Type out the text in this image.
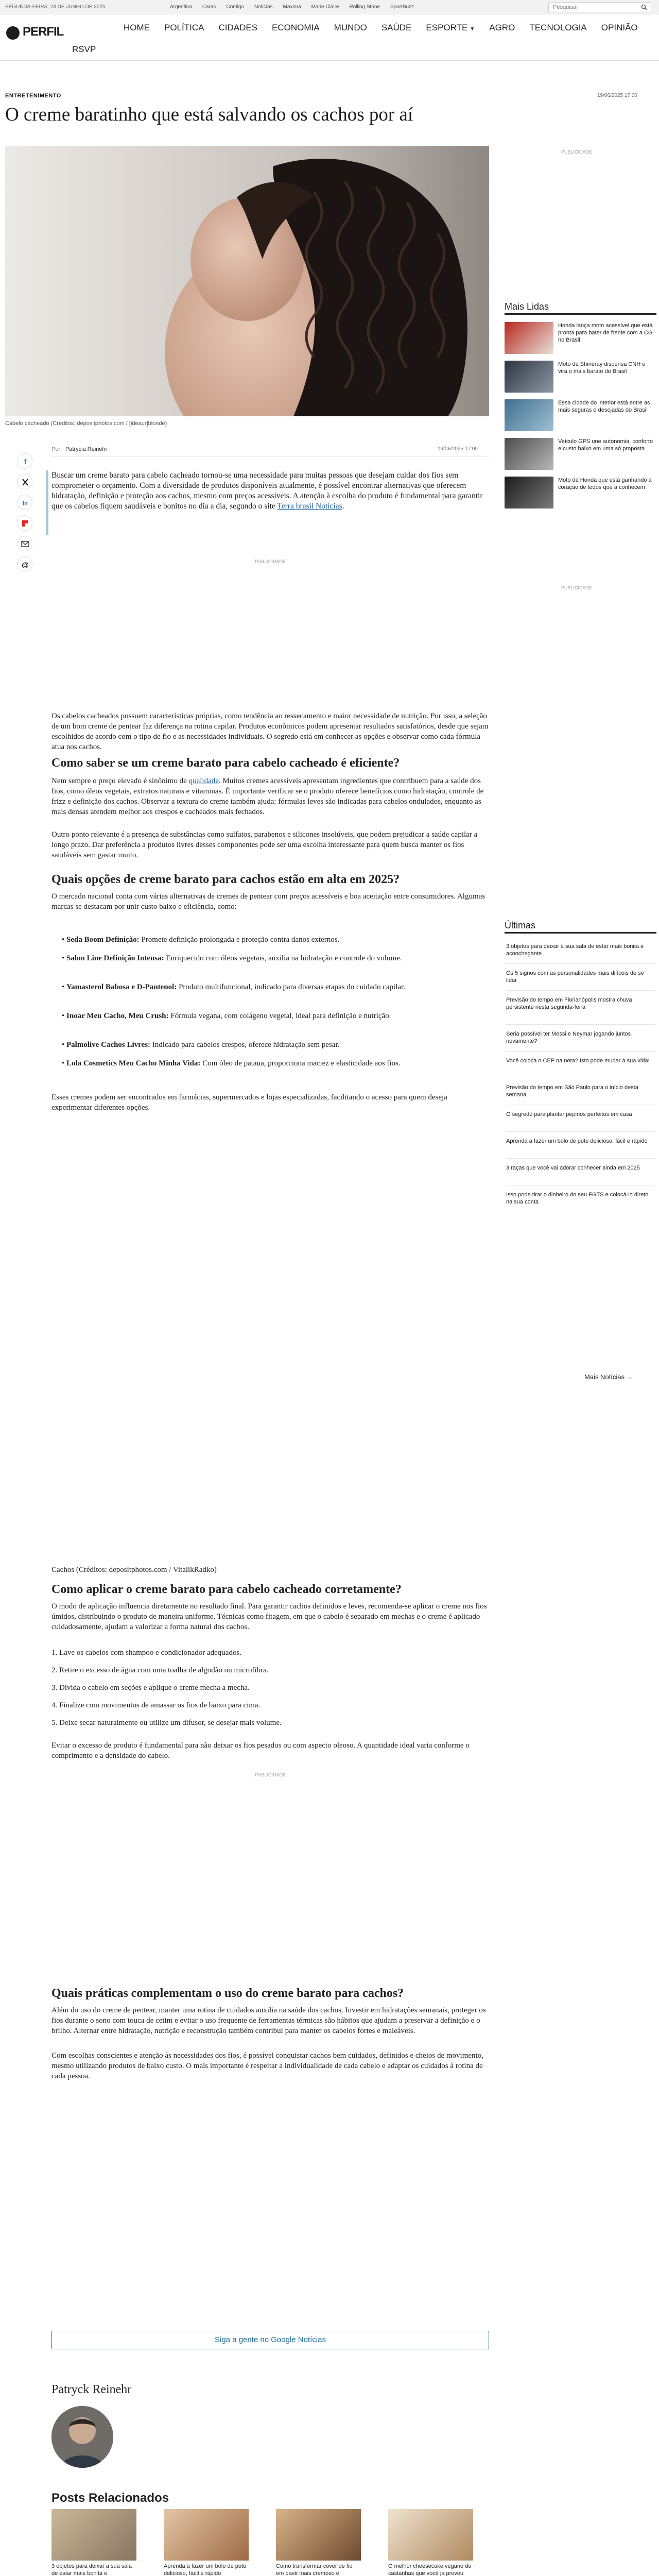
SEGUNDA-FEIRA, 23 DE JUNHO DE 2025	Argentina Caras Contigo Noticias Maxima Marie Claire Rolling Stone SportBuzz
Pesquisar
PERFIL	HOME POLÍTICA CIDADES ECONOMIA MUNDO SAÚDE ESPORTE ▼ AGRO TECNOLOGIA OPINIÃO
RSVP
ENTRETENIMENTO	19/06/2025 17:00
O creme baratinho que está salvando os cachos por aí
Cabelo cacheado (Créditos: depositphotos.com / [ideaur]blonde)
PUBLICIDADE
Mais Lidas
Honda lança moto acessível que está pronta para bater de frente com a CG no Brasil
Moto da Shineray dispensa CNH e vira o mais barato do Brasil
Essa cidade do interior está entre as mais seguras e desejadas do Brasil
Veículo GPS une autonomia, conforto e custo baixo em uma só proposta
Moto da Honda que está ganhando a coração de todos que a conhecem
PUBLICIDADE
Últimas
3 objetos para deixar a sua sala de estar mais bonita e aconchegante
Os 5 signos com as personalidades mais difíceis de se lidar
Previsão do tempo em Florianópolis mostra chuva persistente nesta segunda-feira
Seria possível ter Messi e Neymar jogando juntos novamente?
Você coloca o CEP na nota? Isto pode mudar a sua vida!
Previsão do tempo em São Paulo para o início desta semana
O segredo para plantar pepinos perfeitos em casa
Aprenda a fazer um bolo de pote delicioso, fácil e rápido
3 raças que você vai adorar conhecer ainda em 2025
Isso pode tirar o dinheiro do seu FGTS e colocá-lo direto na sua conta
Mais Notícias →
Por Patrycia Reinehr	19/06/2025 17:00
f
in
@

Buscar um creme barato para cabelo cacheado tornou-se uma necessidade para muitas pessoas que desejam cuidar dos fios sem comprometer o orçamento. Com a diversidade de produtos disponíveis atualmente, é possível encontrar alternativas que oferecem hidratação, definição e proteção aos cachos, mesmo com preços acessíveis. A atenção à escolha do produto é fundamental para garantir que os cabelos fiquem saudáveis e bonitos no dia a dia, segundo o site Terra brasil Notícias.

PUBLICIDADE

Os cabelos cacheados possuem características próprias, como tendência ao ressecamento e maior necessidade de nutrição. Por isso, a seleção de um bom creme de pentear faz diferença na rotina capilar. Produtos econômicos podem apresentar resultados satisfatórios, desde que sejam escolhidos de acordo com o tipo de fio e as necessidades individuais. O segredo está em conhecer as opções e observar como cada fórmula atua nos cachos.

Como saber se um creme barato para cabelo cacheado é eficiente?

Nem sempre o preço elevado é sinônimo de qualidade. Muitos cremes acessíveis apresentam ingredientes que contribuem para a saúde dos fios, como óleos vegetais, extratos naturais e vitaminas. É importante verificar se o produto oferece benefícios como hidratação, controle de frizz e definição dos cachos. Observar a textura do creme também ajuda: fórmulas leves são indicadas para cabelos ondulados, enquanto as mais densas atendem melhor aos crespos e cacheados mais fechados.

Outro ponto relevante é a presença de substâncias como sulfatos, parabenos e silicones insolúveis, que podem prejudicar a saúde capilar a longo prazo. Dar preferência a produtos livres desses componentes pode ser uma escolha interessante para quem busca manter os fios saudáveis sem gastar muito.

Quais opções de creme barato para cachos estão em alta em 2025?

O mercado nacional conta com várias alternativas de cremes de pentear com preços acessíveis e boa aceitação entre consumidores. Algumas marcas se destacam por unir custo baixo e eficiência, como:

• Seda Boom Definição: Promete definição prolongada e proteção contra danos externos.
• Salon Line Definição Intensa: Enriquecido com óleos vegetais, auxilia na hidratação e controle do volume.
• Yamasterol Babosa e D-Pantenol: Produto multifuncional, indicado para diversas etapas do cuidado capilar.
• Inoar Meu Cacho, Meu Crush: Fórmula vegana, com colágeno vegetal, ideal para definição e nutrição.
• Palmolive Cachos Livres: Indicado para cabelos crespos, oferece hidratação sem pesar.
• Lola Cosmetics Meu Cacho Minha Vida: Com óleo de pataua, proporciona maciez e elasticidade aos fios.

Esses cremes podem ser encontrados em farmácias, supermercados e lojas especializadas, facilitando o acesso para quem deseja experimentar diferentes opções.

Cachos (Créditos: depositphotos.com / VitalikRadko)

Como aplicar o creme barato para cabelo cacheado corretamente?

O modo de aplicação influencia diretamente no resultado final. Para garantir cachos definidos e leves, recomenda-se aplicar o creme nos fios úmidos, distribuindo o produto de maneira uniforme. Técnicas como fitagem, em que o cabelo é separado em mechas e o creme é aplicado cuidadosamente, ajudam a valorizar a forma natural dos cachos.

1. Lave os cabelos com shampoo e condicionador adequados.

2. Retire o excesso de água com uma toalha de algodão ou microfibra.

3. Divida o cabelo em seções e aplique o creme mecha a mecha.

4. Finalize com movimentos de amassar os fios de baixo para cima.

5. Deixe secar naturalmente ou utilize um difusor, se desejar mais volume.

Evitar o excesso de produto é fundamental para não deixar os fios pesados ou com aspecto oleoso. A quantidade ideal varia conforme o comprimento e a densidade do cabelo.

PUBLICIDADE
Quais práticas complementam o uso do creme barato para cachos?

Além do uso do creme de pentear, manter uma rotina de cuidados auxilia na saúde dos cachos. Investir em hidratações semanais, proteger os fios durante o sono com touca de cetim e evitar o uso frequente de ferramentas térmicas são hábitos que ajudam a preservar a definição e o brilho. Alternar entre hidratação, nutrição e reconstrução também contribui para manter os cabelos fortes e maleáveis.

Com escolhas conscientes e atenção às necessidades dos fios, é possível conquistar cachos bem cuidados, definidos e cheios de movimento, mesmo utilizando produtos de baixo custo. O mais importante é respeitar a individualidade de cada cabelo e adaptar os cuidados à rotina de cada pessoa.

Siga a gente no Google Notícias
Patryck Reinehr
Posts Relacionados
3 objetos para deixar a sua sala de estar mais bonita e
Aprenda a fazer um bolo de pote delicioso, fácil e rápido
Como transformar cover de fio em pavê mais cremoso e
O melhor cheesecake vegano de castanhas que você já provou
